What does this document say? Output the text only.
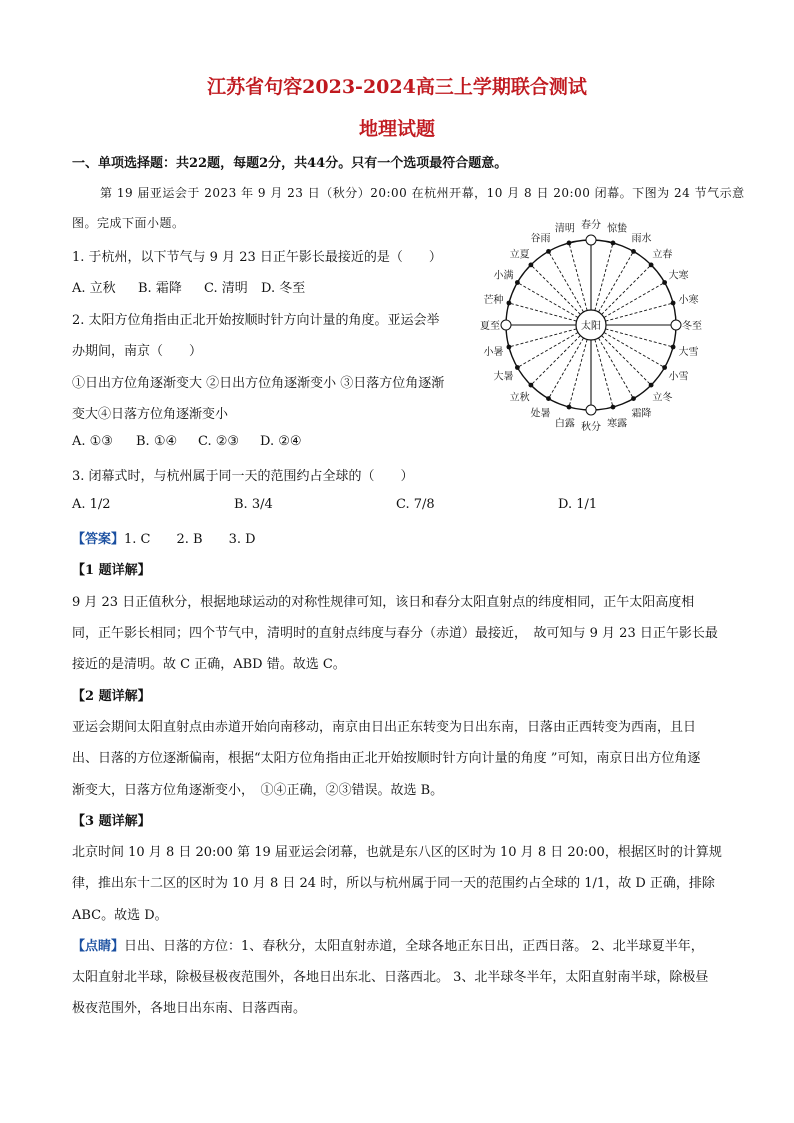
江苏省句容2023-2024高三上学期联合测试
地理试题
一、单项选择题：共22题，每题2分，共44分。只有一个选项最符合题意。
第 19 届亚运会于 2023 年 9 月 23 日（秋分）20:00 在杭州开幕，10 月 8 日 20:00 闭幕。下图为 24 节气示意
图。完成下面小题。
1. 于杭州，以下节气与 9 月 23 日正午影长最接近的是（　　）
A. 立秋 B. 霜降 C. 清明 D. 冬至
2. 太阳方位角指由正北开始按顺时针方向计量的角度。亚运会举
办期间，南京（　　）
①日出方位角逐渐变大 ②日出方位角逐渐变小 ③日落方位角逐渐
变大④日落方位角逐渐变小
A. ①③ B. ①④ C. ②③ D. ②④
3. 闭幕式时，与杭州属于同一天的范围约占全球的（　　）
A. 1/2	B. 3/4	C. 7/8	D. 1/1
【答案】1. C 2. B 3. D
【1 题详解】
9 月 23 日正值秋分，根据地球运动的对称性规律可知，该日和春分太阳直射点的纬度相同，正午太阳高度相
同，正午影长相同；四个节气中，清明时的直射点纬度与春分（赤道）最接近，　故可知与 9 月 23 日正午影长最
接近的是清明。故 C 正确，ABD 错。故选 C。
【2 题详解】
亚运会期间太阳直射点由赤道开始向南移动，南京由日出正东转变为日出东南，日落由正西转变为西南，且日
出、日落的方位逐渐偏南，根据“太阳方位角指由正北开始按顺时针方向计量的角度 ”可知，南京日出方位角逐
渐变大，日落方位角逐渐变小，　①④正确，②③错误。故选 B。
【3 题详解】
北京时间 10 月 8 日 20:00 第 19 届亚运会闭幕，也就是东八区的区时为 10 月 8 日 20:00，根据区时的计算规
律，推出东十二区的区时为 10 月 8 日 24 时，所以与杭州属于同一天的范围约占全球的 1/1，故 D 正确，排除
ABC。故选 D。
【点睛】日出、日落的方位：1、春秋分，太阳直射赤道，全球各地正东日出，正西日落。 2、北半球夏半年，
太阳直射北半球，除极昼极夜范围外，各地日出东北、日落西北。 3、北半球冬半年，太阳直射南半球，除极昼
极夜范围外，各地日出东南、日落西南。
春分
清明
谷雨
立夏
小满
芒种
夏至
小暑
大暑
立秋
处暑
白露 秋分 寒露
霜降
立冬
小雪
大雪
冬至
小寒
大寒
立春
雨水
惊蛰
太阳
